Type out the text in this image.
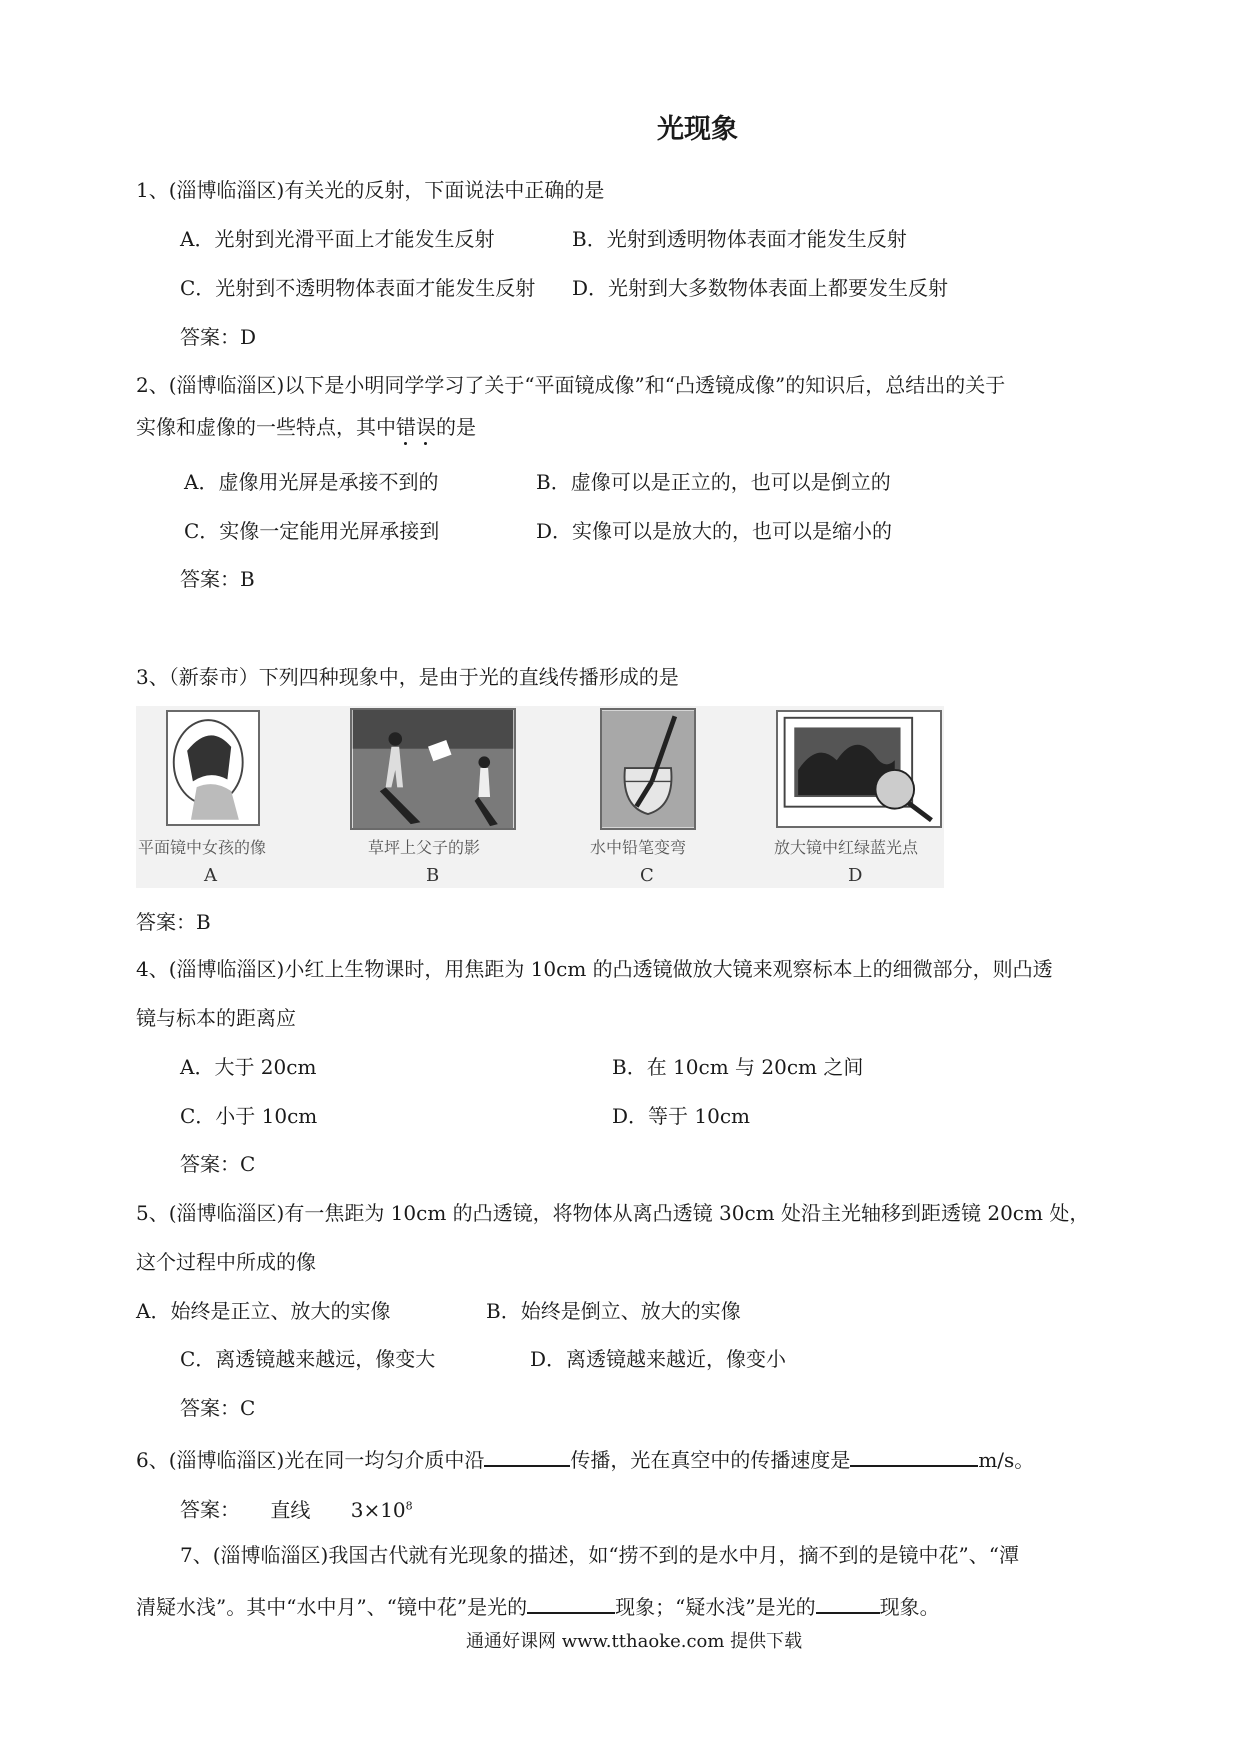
光现象
1、(淄博临淄区)有关光的反射，下面说法中正确的是
A．光射到光滑平面上才能发生反射	B．光射到透明物体表面才能发生反射
C．光射到不透明物体表面才能发生反射 D．光射到大多数物体表面上都要发生反射
答案：D
2、(淄博临淄区)以下是小明同学学习了关于“平面镜成像”和“凸透镜成像”的知识后，总结出的关于
实像和虚像的一些特点，其中错误
的是
A．虚像用光屏是承接不到的	B．虚像可以是正立的，也可以是倒立的
C．实像一定能用光屏承接到	D．实像可以是放大的，也可以是缩小的
答案：B
3、（新泰市）下列四种现象中，是由于光的直线传播形成的是
平面镜中女孩的像	草坪上父子的影	水中铅笔变弯	放大镜中红绿蓝光点
A	B	C	D
答案：B
4、(淄博临淄区)小红上生物课时，用焦距为 10cm 的凸透镜做放大镜来观察标本上的细微部分，则凸透
镜与标本的距离应
A．大于 20cm	B．在 10cm 与 20cm 之间
C．小于 10cm	D．等于 10cm
答案：C
5、(淄博临淄区)有一焦距为 10cm 的凸透镜，将物体从离凸透镜 30cm 处沿主光轴移到距透镜 20cm 处，
这个过程中所成的像
A．始终是正立、放大的实像	B．始终是倒立、放大的实像
C．离透镜越来越远，像变大	D．离透镜越来越近，像变小
答案：C
6、(淄博临淄区)光在同一均匀介质中沿	传播，光在真空中的传播速度是	m/s。
答案： 直线 $3\times 10^8$
7、(淄博临淄区)我国古代就有光现象的描述，如“捞不到的是水中月，摘不到的是镜中花”、“潭
清疑水浅”。其中“水中月”、“镜中花”是光的	现象；“疑水浅”是光的	现象。
通通好课网 www.tthaoke.com 提供下载
